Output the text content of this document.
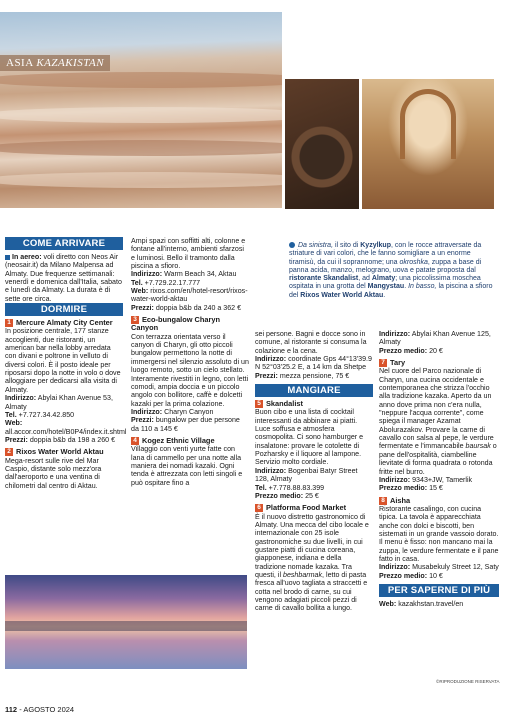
ASIA KAZAKISTAN
Da sinistra, il sito di Kyzylkup, con le rocce attraversate da striature di vari colori, che le fanno somigliare a un enorme tiramisù, da cui il soprannome; una okroshka, zuppa a base di panna acida, manzo, melograno, uova e patate proposta dal ristorante Skandalist, ad Almaty; una piccolissima moschea ospitata in una grotta del Mangystau. In basso, la piscina a sfioro del Rixos Water World Aktau.
COME ARRIVARE

In aereo: voli diretto con Neos Air (neosair.it) da Milano Malpensa ad Almaty. Due frequenze settimanali: venerdì e domenica dall'Italia, sabato e lunedì da Almaty. La durata è di sette ore circa.

DORMIRE

1 Mercure Almaty City Center

In posizione centrale, 177 stanze accoglienti, due ristoranti, un american bar nella lobby arredata con divani e poltrone in velluto di diversi colori. È il posto ideale per riposarsi dopo la notte in volo o dove alloggiare per dedicarsi alla visita di Almaty.

Indirizzo: Abylai Khan Avenue 53, Almaty

Tel. +7.727.34.42.850

Web: all.accor.com/hotel/B0P4/index.it.shtml

Prezzi: doppia b&b da 198 a 260 €

2 Rixos Water World Aktau

Mega-resort sulle rive del Mar Caspio, distante solo mezz'ora dall'aeroporto e una ventina di chilometri dal centro di Aktau.

Ampi spazi con soffitti alti, colonne e fontane all'interno, ambienti sfarzosi e luminosi. Bello il tramonto dalla piscina a sfioro.

Indirizzo: Warm Beach 34, Aktau

Tel. +7.729.22.17.777

Web: rixos.com/en/hotel-resort/rixos-water-world-aktau

Prezzi: doppia b&b da 240 a 362 €

3 Eco-bungalow Charyn Canyon

Con terrazza orientata verso il canyon di Charyn, gli otto piccoli bungalow permettono la notte di immergersi nel silenzio assoluto di un luogo remoto, sotto un cielo stellato. Interamente rivestiti in legno, con letti comodi, ampia doccia e un piccolo angolo con bollitore, caffè e dolcetti kazaki per la prima colazione.

Indirizzo: Charyn Canyon

Prezzi: bungalow per due persone da 110 a 145 €

4 Kogez Ethnic Village

Villaggio con venti yurte fatte con lana di cammello per una notte alla maniera dei nomadi kazaki. Ogni tenda è attrezzata con letti singoli e può ospitare fino a

sei persone. Bagni e docce sono in comune, al ristorante si consuma la colazione e la cena.

Indirizzo: coordinate Gps 44°13'39.9 N 52°03'25.2 E, a 14 km da Shetpe

Prezzi: mezza pensione, 75 €

MANGIARE

5 Skandalist

Buon cibo e una lista di cocktail interessanti da abbinare ai piatti. Luce soffusa e atmosfera cosmopolita. Ci sono hamburger e insalatone: provare le cotolette di Pozharsky e il liquore al lampone. Servizio molto cordiale.

Indirizzo: Bogenbai Batyr Street 128, Almaty

Tel. +7.778.88.83.399

Prezzo medio: 25 €

6 Platforma Food Market

È il nuovo distretto gastronomico di Almaty. Una mecca del cibo locale e internazionale con 25 isole gastronomiche su due livelli, in cui gustare piatti di cucina coreana, giapponese, indiana e della tradizione nomade kazaka. Tra questi, il beshbarmak, letto di pasta fresca all'uovo tagliata a straccetti e cotta nel brodo di carne, su cui vengono adagiati piccoli pezzi di carne di cavallo bollita a lungo.

Indirizzo: Abylai Khan Avenue 125, Almaty

Prezzo medio: 20 €

7 Tary

Nel cuore del Parco nazionale di Charyn, una cucina occidentale e contemporanea che strizza l'occhio alla tradizione kazaka. Aperto da un anno dove prima non c'era nulla, "neppure l'acqua corrente", come spiega il manager Azamat Abolurazakov. Provare la carne di cavallo con salsa al pepe, le verdure fermentate e l'immancabile baursak o pane dell'ospitalità, ciambelline lievitate di forma quadrata o rotonda fritte nel burro.

Indirizzo: 9343+JW, Tamerlik

Prezzo medio: 15 €

8 Aisha

Ristorante casalingo, con cucina tipica. La tavola è apparecchiata anche con dolci e biscotti, ben sistemati in un grande vassoio dorato. Il menu è fisso: non mancano mai la zuppa, le verdure fermentate e il pane fatto in casa.

Indirizzo: Musabekuly Street 12, Saty

Prezzo medio: 10 €

PER SAPERNE DI PIÙ

Web: kazakhstan.travel/en

©RIPRODUZIONE RISERVATA
112 - AGOSTO 2024
